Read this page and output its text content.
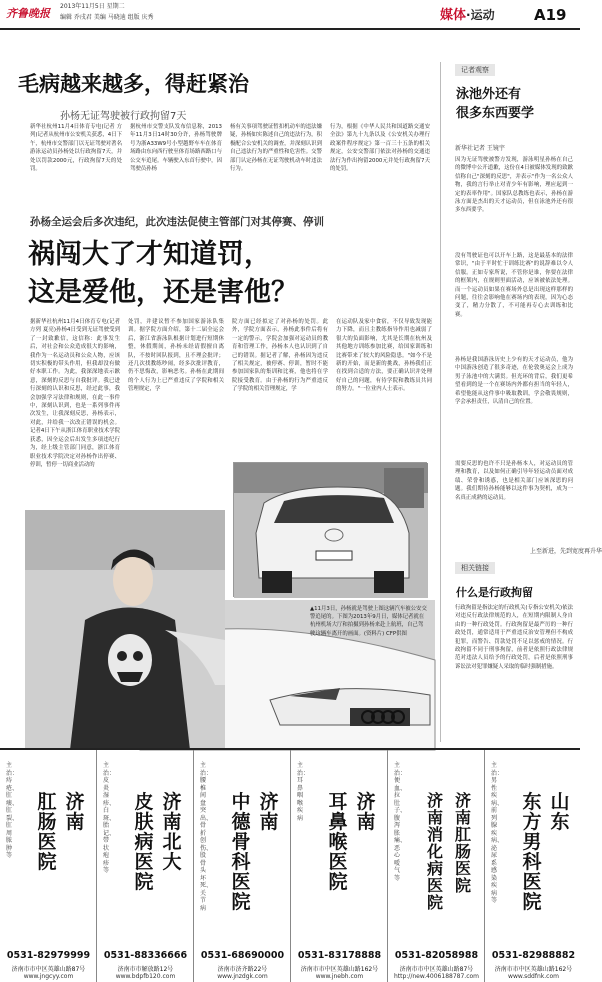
齐鲁晚报
2013年11月5日 星期二
编辑 乔戌君 美编 马晓迪 组版 庆秀	媒体·运动	A19
毛病越来越多，得赶紧治
孙杨无证驾驶被行政拘留7天
新华社杭州11月4日体育专电(记者 方列)记者从杭州市公安机关获悉，4日下午，杭州市交警部门以无证驾驶对著名游泳运动员孙杨处以行政拘留7天，并处以罚款2000元，行政拘留7天的处罚。
据杭州市交警支队发布信息称，2013年11月3日14时30分许，孙杨驾驶牌号为浙A33W9号小型越野车车在体育场路由东向西行驶至体育场路西路口与公交车追尾。车辆驶入东首行驶中，因驾驶员孙杨
杨有关事项驾驶证暂扣机动车的违法嫌疑，孙杨如实陈述自己的违法行为，积极配合公安机关的调查，并深刻认识到自己违法行为的严重性和危害性。交警部门认定孙杨在无证驾驶机动车时违法行为。
行为，根据《中华人民共和国道路交通安全法》第九十九条以及《公安机关办理行政案件程序规定》第一百三十五条的相关规定，公安交警部门依法对孙杨的交通违法行为作出拘留2000元并处行政拘留7天的处罚。
孙杨全运会后多次违纪，此次违法促使主管部门对其停赛、停训
祸闯大了才知道罚，
这是爱他，还是害他？
据新华社杭州11月4日体育专电(记者 方列 夏亮)孙杨4日受到无证驾驶受到了一封致歉信，这信称：此事发生后，对社会和公众造成很大的影响，我作为一名运动员和公众人物，应该切实积极的带头作用，但我却没有做好本职工作。为此，我深深地表示歉意，深刻的反思与自我批评。我已进行深刻的认识和反思，经过此事，我会加强学习法律和规则，在此一事件中，深刻认识到，也是一系列事件再次发生，让我深刻反思，孙杨表示，对此，并给我一次改正错误的机会。记者4日下午从浙江体育职业技术学院获悉，因全运会后出发生多项违纪行为，经上级主管部门同意，浙江体育职业技术学院决定对孙杨作出停赛、停训，暂停一切商业活动的
处罚，并建议暂不参加国家游泳队集训。据学院方面介绍，第十二届全运会后，浙江省游泳队根据计划进行短期休整，休假期间，孙杨未经请假擅自离队，不按时回队报到，且不理会批评；还几次找教练吵闹，经多次批评教育，仍不思悔改，影响恶劣。孙杨在此期间的个人行为上已严重违反了学院和相关管理规定，学
院方面已经拟定了对孙杨的处罚。此外，学院方面表示，孙杨此事件后将有一定的警示，学院会加强对运动员的教育和管理工作，孙杨本人也认识到了自己的错误。据记者了解，孙杨因为违反了相关规定，被停赛、停训，暂时不能参加国家队的集训和比赛，他也将在学院接受教育。由于孙杨的行为严重违反了学院的相关管理规定，学
在运动队及家中食宿，不仅导致发现能力下降，而且主教练指导作用也减弱了很大的负面影响，尤其是长期在杭州及其他地方训练参加比赛，给国家训练和比赛带来了较大的风险隐患。"如今不是新的开始，而是新的挑战，孙杨我们正在找到合适的方法，要正确认识并处理好自己的问题，有待学院和教练员共同的努力。"一位业内人士表示。
▲11月3日，孙杨就是驾驶上图这辆汽车被公安交警追尾的。下图为2013年9月日，媒体记者就在杭州机场大厅和拍摄到孙杨来赴上航班，自己驾驶这辆车离开的画面。(资料片) CFP供图
记者观察
泳池外还有
很多东西要学
新华社记者 王镜宇
因为无证驾驶被警方发现，游泳明星孙杨在自己的微博中公开道歉，这份在4日被媒体发现的致歉信称自己"深刻的反思"，并表示"作为一名公众人物，我的言行举止对青少年有影响，理应起到一定的表率作用"。国家队总教练也表示，孙杨在游泳方面是杰出的天才运动员，但在泳池外还有很多东西要学。
没有驾驶证也可以开车上路，这是最基本的法律常识，"由于平时忙于训练比赛"的说辞难以令人信服。正如专家所说，不管你是谁，你要在法律的框架内，在规则里面活动，应该被依法处理。而一个运动员如果在赛场外总是出现这样那样的问题，往往会影响他在赛场内的表现，因为心态变了，精力分散了，不可能再专心去训练和比赛。
孙杨是我国游泳历史上少有的天才运动员，他为中国游泳创造了很多奇迹，在伦敦奥运会上成为男子泳池中的大满贯。但光环的背后，我们更希望看到的是一个在赛场内外都有担当的年轻人，希望他能从这件事中吸取教训，学会敬畏规则，学会承担责任，认清自己的位置。
需要反思的也许不只是孙杨本人，对运动员的管理和教育，以及如何正确引导年轻运动员面对成绩、荣誉和诱惑，也是相关部门应该深思的问题。我们期待孙杨能够以这件事为契机，成为一名真正成熟的运动员。
上至新进，先到宽度再升华
相关链接
什么是行政拘留
行政拘留是指法定的行政机关(专指公安机关)依法对违反行政法律规范的人，在短期内限制人身自由的一种行政处罚。行政拘留是最严厉的一种行政处罚，通常适用于严重违反治安管理但不构成犯罪，而警告、罚款处罚不足以惩戒的情况。行政拘留不同于刑事拘留，前者是依照行政法律规范对违法人员给予的行政处罚，后者是依照刑事诉讼法对犯罪嫌疑人采取的临时强制措施。
主治：痔疮、肛瘘、肛裂、肛周脓肿等
肛肠医院
济南
0531-82979999
济南市市中区英雄山路87号
www.jngcyy.com
主治：皮炎湿疹、白斑、胎记、带状疱疹等
皮肤病医院
济南北大
0531-88336666
济南市市解放路12号
www.bdpfb120.com
主治：腰椎间盘突出、骨折创伤、股骨头坏死、关节病
中德骨科医院
济南
0531-68690000
济南市济齐路22号
www.jnzdgk.com
主治：耳鼻咽喉疾病
耳鼻喉医院
济南
0531-83178888
济南市市中区英雄山路162号
www.jnebh.com
主治：便血、拉肚子、腹泻胀痛、恶心嗳气等
济南消化病医院
济南肛肠医院
0531-82058988
济南市市中区英雄山路87号
http://new.4006188787.com
主治：男性疾病、前列腺疾病、泌尿系感染疾病等
东方男科医院
山东
0531-82988882
济南市市中区英雄山路162号
www.sddfnk.com
